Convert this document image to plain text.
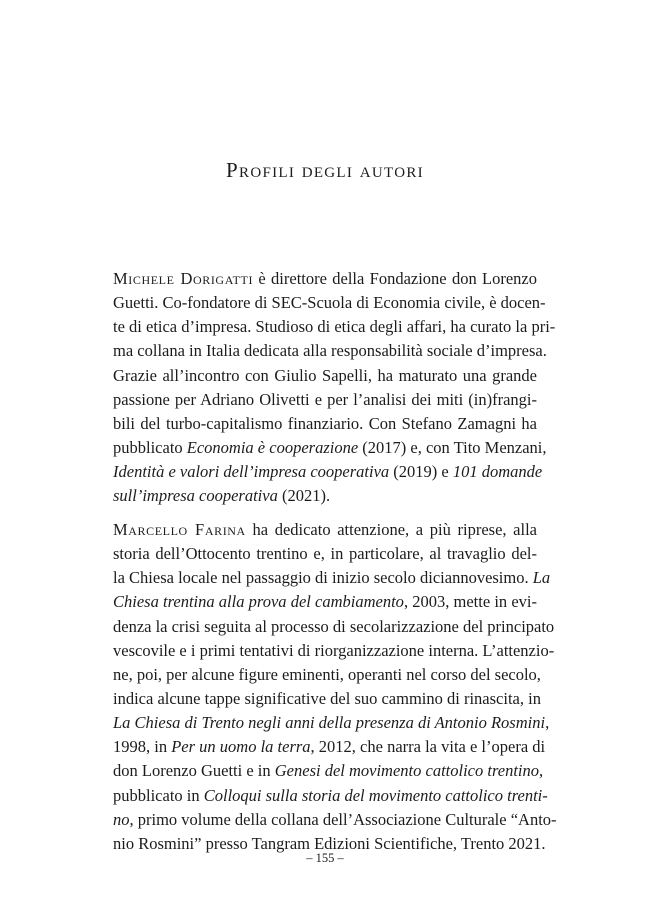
Profili degli autori
Michele Dorigatti è direttore della Fondazione don Lorenzo
Guetti. Co-fondatore di SEC-Scuola di Economia civile, è docen-
te di etica d’impresa. Studioso di etica degli affari, ha curato la pri-
ma collana in Italia dedicata alla responsabilità sociale d’impresa.
Grazie all’incontro con Giulio Sapelli, ha maturato una grande
passione per Adriano Olivetti e per l’analisi dei miti (in)frangi-
bili del turbo-capitalismo finanziario. Con Stefano Zamagni ha
pubblicato Economia è cooperazione (2017) e, con Tito Menzani,
Identità e valori dell’impresa cooperativa (2019) e 101 domande
sull’impresa cooperativa (2021).
Marcello Farina ha dedicato attenzione, a più riprese, alla
storia dell’Ottocento trentino e, in particolare, al travaglio del-
la Chiesa locale nel passaggio di inizio secolo diciannovesimo. La
Chiesa trentina alla prova del cambiamento, 2003, mette in evi-
denza la crisi seguita al processo di secolarizzazione del principato
vescovile e i primi tentativi di riorganizzazione interna. L’attenzio-
ne, poi, per alcune figure eminenti, operanti nel corso del secolo,
indica alcune tappe significative del suo cammino di rinascita, in
La Chiesa di Trento negli anni della presenza di Antonio Rosmini,
1998, in Per un uomo la terra, 2012, che narra la vita e l’opera di
don Lorenzo Guetti e in Genesi del movimento cattolico trentino,
pubblicato in Colloqui sulla storia del movimento cattolico trenti-
no, primo volume della collana dell’Associazione Culturale “Anto-
nio Rosmini” presso Tangram Edizioni Scientifiche, Trento 2021.
– 155 –
